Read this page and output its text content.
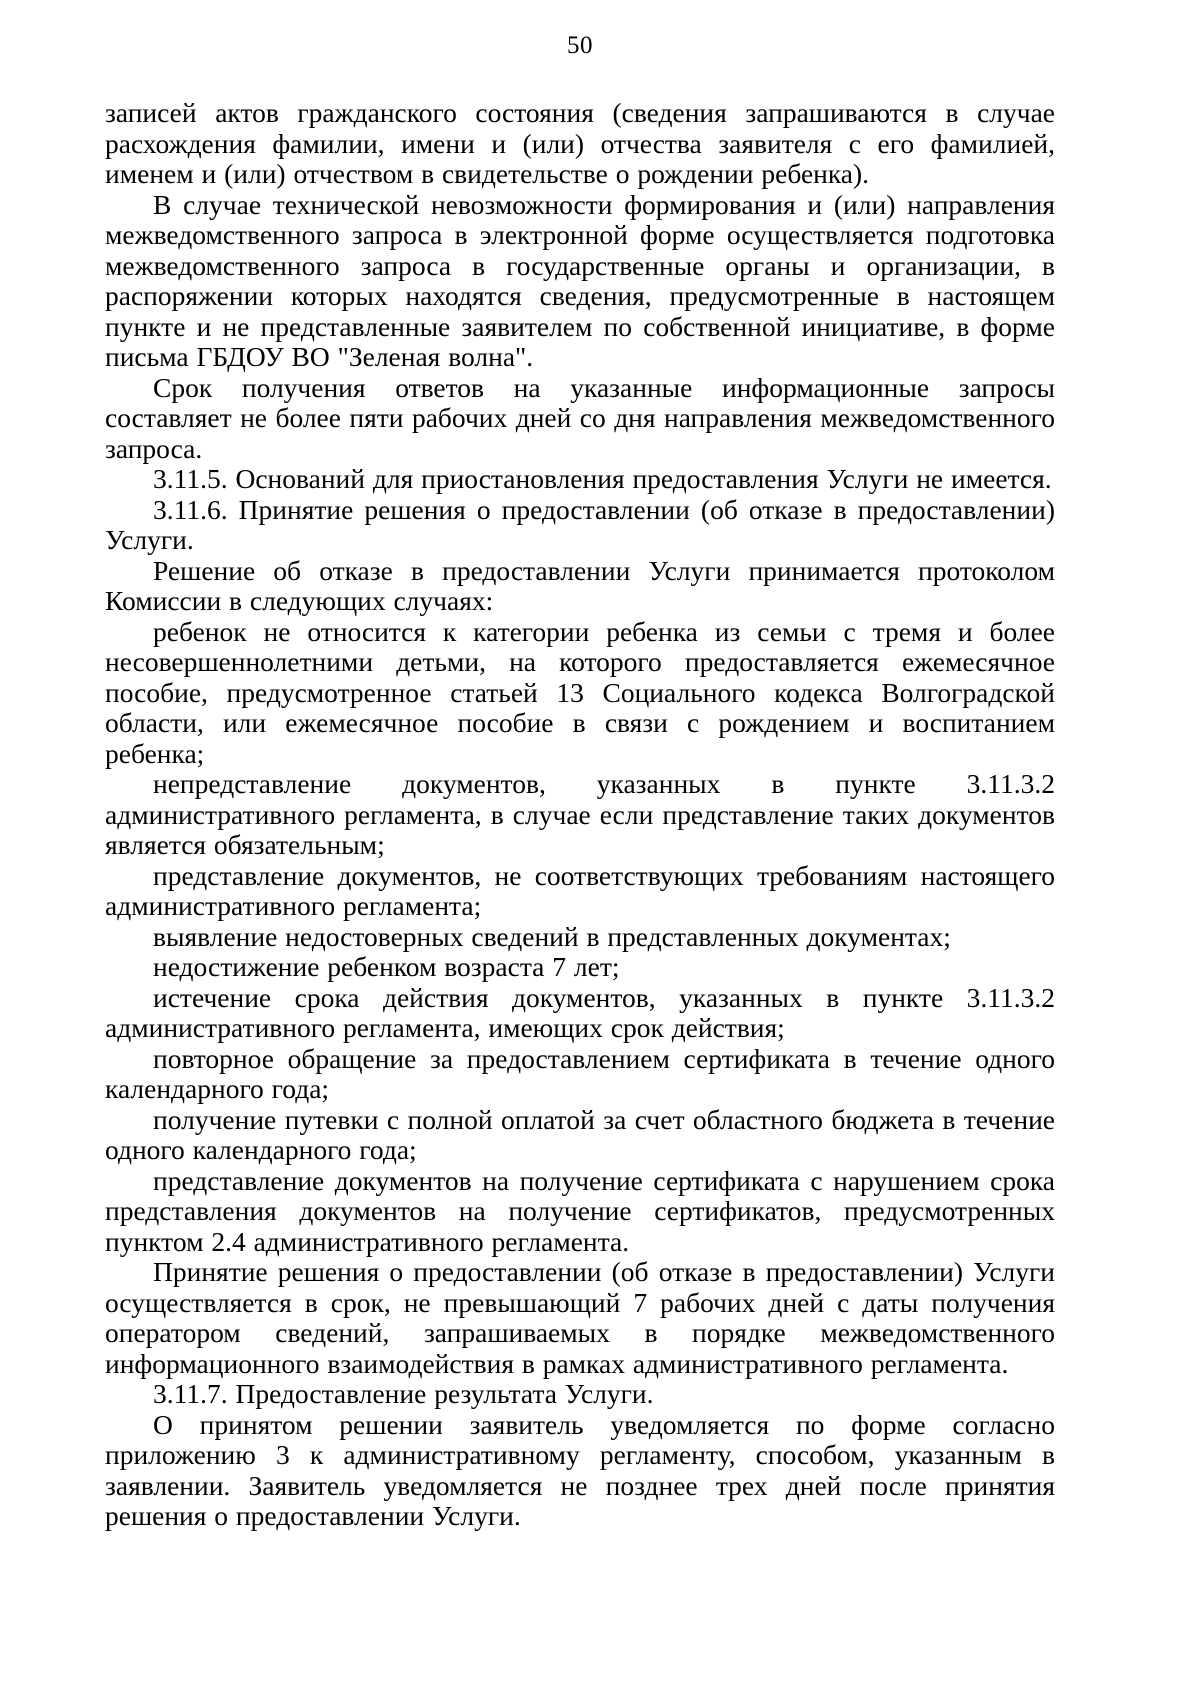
50

записей актов гражданского состояния (сведения запрашиваются в случае расхождения фамилии, имени и (или) отчества заявителя с его фамилией, именем и (или) отчеством в свидетельстве о рождении ребенка).

В случае технической невозможности формирования и (или) направления межведомственного запроса в электронной форме осуществляется подготовка межведомственного запроса в государственные органы и организации, в распоряжении которых находятся сведения, предусмотренные в настоящем пункте и не представленные заявителем по собственной инициативе, в форме письма ГБДОУ ВО "Зеленая волна".

Срок получения ответов на указанные информационные запросы составляет не более пяти рабочих дней со дня направления межведомственного запроса.

3.11.5. Оснований для приостановления предоставления Услуги не имеется.

3.11.6. Принятие решения о предоставлении (об отказе в предоставлении) Услуги.

Решение об отказе в предоставлении Услуги принимается протоколом Комиссии в следующих случаях:

ребенок не относится к категории ребенка из семьи с тремя и более несовершеннолетними детьми, на которого предоставляется ежемесячное пособие, предусмотренное статьей 13 Социального кодекса Волгоградской области, или ежемесячное пособие в связи с рождением и воспитанием ребенка;

непредставление документов, указанных в пункте 3.11.3.2 административного регламента, в случае если представление таких документов является обязательным;

представление документов, не соответствующих требованиям настоящего административного регламента;

выявление недостоверных сведений в представленных документах;

недостижение ребенком возраста 7 лет;

истечение срока действия документов, указанных в пункте 3.11.3.2 административного регламента, имеющих срок действия;

повторное обращение за предоставлением сертификата в течение одного календарного года;

получение путевки с полной оплатой за счет областного бюджета в течение одного календарного года;

представление документов на получение сертификата с нарушением срока представления документов на получение сертификатов, предусмотренных пунктом 2.4 административного регламента.

Принятие решения о предоставлении (об отказе в предоставлении) Услуги осуществляется в срок, не превышающий 7 рабочих дней с даты получения оператором сведений, запрашиваемых в порядке межведомственного информационного взаимодействия в рамках административного регламента.

3.11.7. Предоставление результата Услуги.

О принятом решении заявитель уведомляется по форме согласно приложению 3 к административному регламенту, способом, указанным в заявлении. Заявитель уведомляется не позднее трех дней после принятия решения о предоставлении Услуги.
